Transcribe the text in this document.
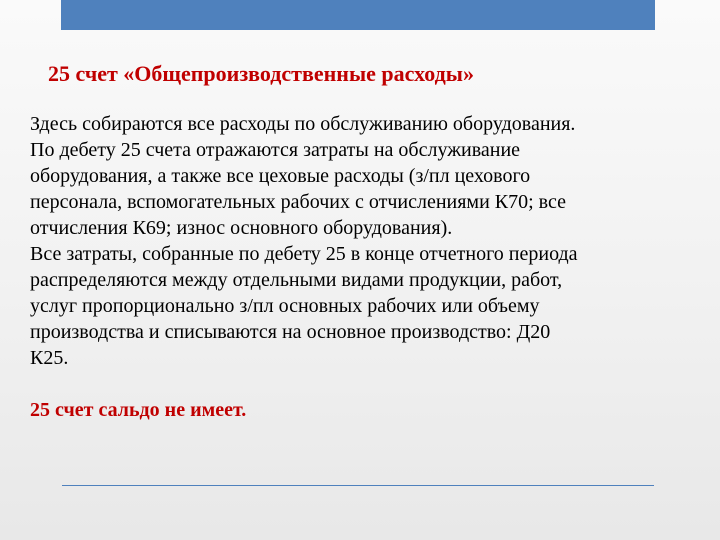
25 счет «Общепроизводственные расходы»

Здесь собираются все расходы по обслуживанию оборудования.
По дебету 25 счета отражаются затраты на обслуживание
оборудования, а также все цеховые расходы (з/пл цехового
персонала, вспомогательных рабочих с отчислениями К70; все
отчисления К69; износ основного оборудования).

Все затраты, собранные по дебету 25 в конце отчетного периода
распределяются между отдельными видами продукции, работ,
услуг пропорционально з/пл основных рабочих или объему
производства и списываются на основное производство: Д20
К25.

25 счет сальдо не имеет.
